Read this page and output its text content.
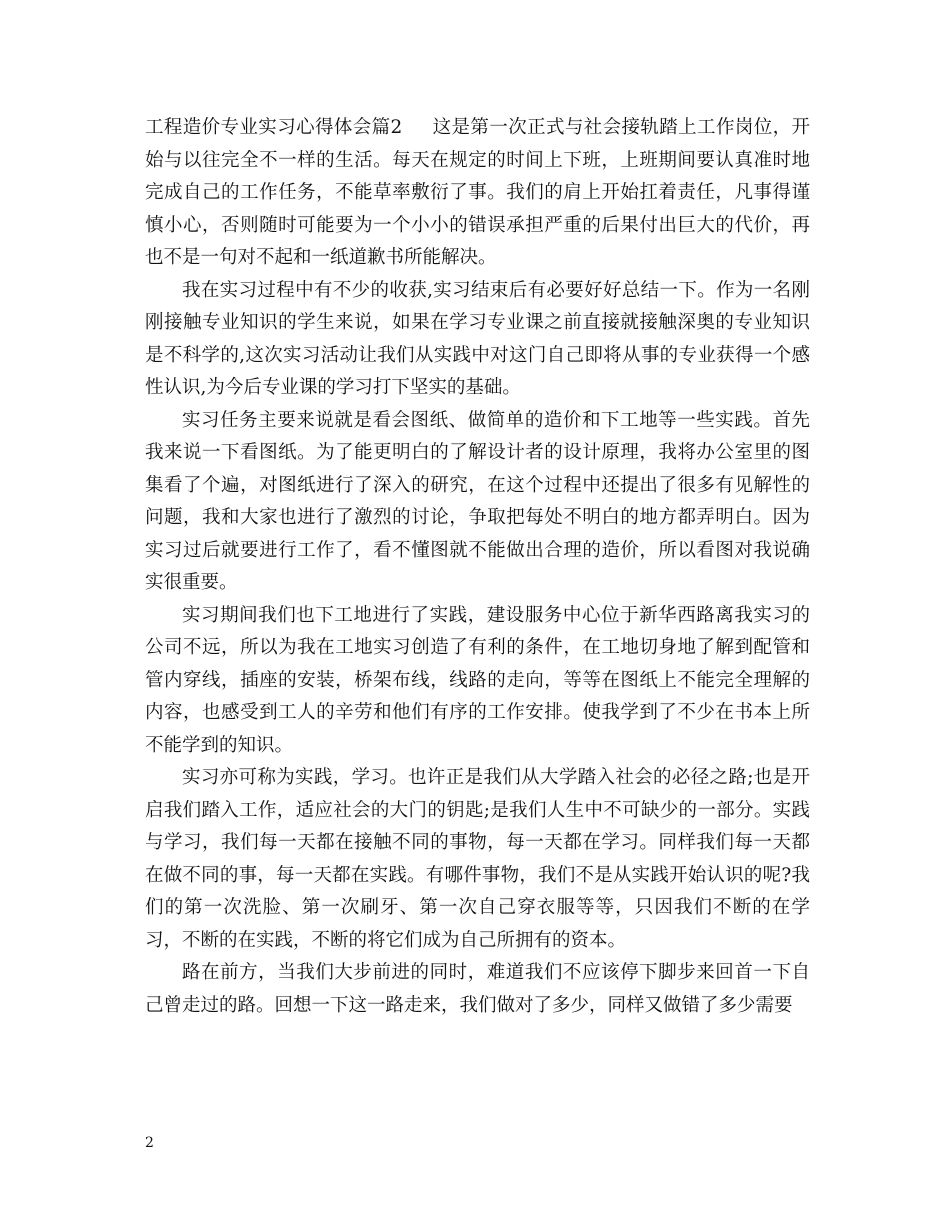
工程造价专业实习心得体会篇2 这是第一次正式与社会接轨踏上工作岗位，开始与以往完全不一样的生活。每天在规定的时间上下班，上班期间要认真准时地完成自己的工作任务，不能草率敷衍了事。我们的肩上开始扛着责任，凡事得谨慎小心，否则随时可能要为一个小小的错误承担严重的后果付出巨大的代价，再也不是一句对不起和一纸道歉书所能解决。

我在实习过程中有不少的收获,实习结束后有必要好好总结一下。作为一名刚刚接触专业知识的学生来说，如果在学习专业课之前直接就接触深奥的专业知识是不科学的,这次实习活动让我们从实践中对这门自己即将从事的专业获得一个感性认识,为今后专业课的学习打下坚实的基础。

实习任务主要来说就是看会图纸、做简单的造价和下工地等一些实践。首先我来说一下看图纸。为了能更明白的了解设计者的设计原理，我将办公室里的图集看了个遍，对图纸进行了深入的研究，在这个过程中还提出了很多有见解性的问题，我和大家也进行了激烈的讨论，争取把每处不明白的地方都弄明白。因为实习过后就要进行工作了，看不懂图就不能做出合理的造价，所以看图对我说确实很重要。

实习期间我们也下工地进行了实践，建设服务中心位于新华西路离我实习的公司不远，所以为我在工地实习创造了有利的条件，在工地切身地了解到配管和管内穿线，插座的安装，桥架布线，线路的走向，等等在图纸上不能完全理解的内容，也感受到工人的辛劳和他们有序的工作安排。使我学到了不少在书本上所不能学到的知识。

实习亦可称为实践，学习。也许正是我们从大学踏入社会的必径之路;也是开启我们踏入工作，适应社会的大门的钥匙;是我们人生中不可缺少的一部分。实践与学习，我们每一天都在接触不同的事物，每一天都在学习。同样我们每一天都在做不同的事，每一天都在实践。有哪件事物，我们不是从实践开始认识的呢?我们的第一次洗脸、第一次刷牙、第一次自己穿衣服等等，只因我们不断的在学习，不断的在实践，不断的将它们成为自己所拥有的资本。

路在前方，当我们大步前进的同时，难道我们不应该停下脚步来回首一下自己曾走过的路。回想一下这一路走来，我们做对了多少，同样又做错了多少需要

2
